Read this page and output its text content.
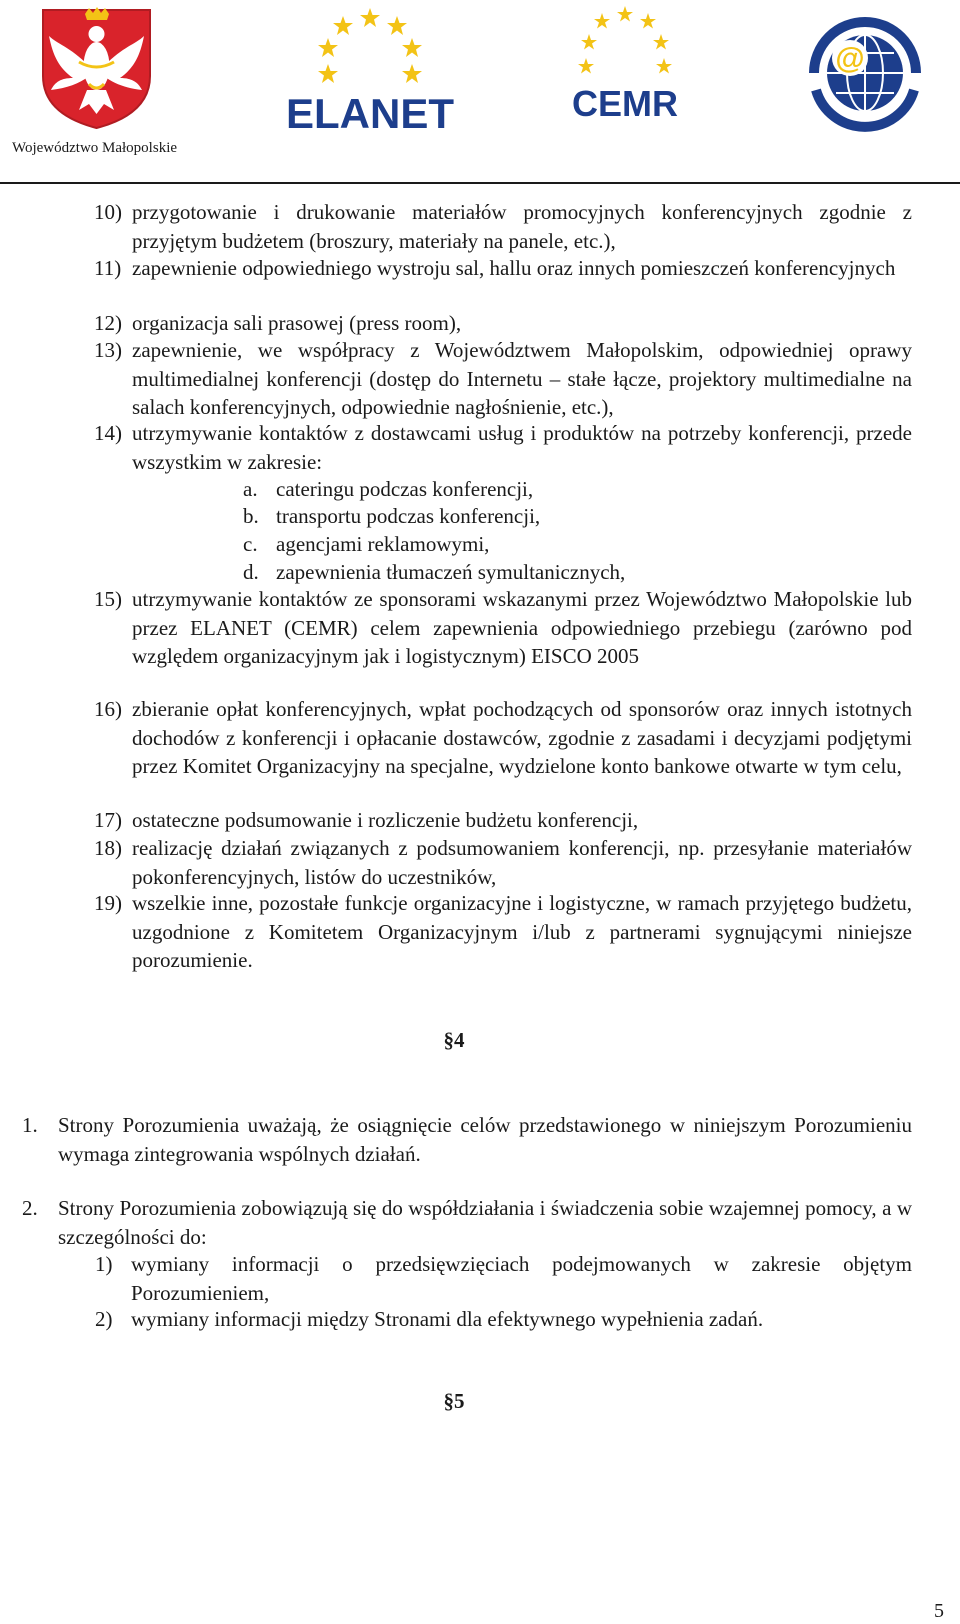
Województwo Małopolskie
ELANET	CEMR
@
10) przygotowanie i drukowanie materiałów promocyjnych konferencyjnych zgodnie z przyjętym budżetem (broszury, materiały na panele, etc.),
11) zapewnienie odpowiedniego wystroju sal, hallu oraz innych pomieszczeń konferencyjnych
12) organizacja sali prasowej (press room),
13) zapewnienie, we współpracy z Województwem Małopolskim, odpowiedniej oprawy multimedialnej konferencji (dostęp do Internetu – stałe łącze, projektory multimedialne na salach konferencyjnych, odpowiednie nagłośnienie, etc.),
14) utrzymywanie kontaktów z dostawcami usług i produktów na potrzeby konferencji, przede wszystkim w zakresie:
a. cateringu podczas konferencji,
b. transportu podczas konferencji,
c. agencjami reklamowymi,
d. zapewnienia tłumaczeń symultanicznych,
15) utrzymywanie kontaktów ze sponsorami wskazanymi przez Województwo Małopolskie lub przez ELANET (CEMR) celem zapewnienia odpowiedniego przebiegu (zarówno pod względem organizacyjnym jak i logistycznym) EISCO 2005
16) zbieranie opłat konferencyjnych, wpłat pochodzących od sponsorów oraz innych istotnych dochodów z konferencji i opłacanie dostawców, zgodnie z zasadami i decyzjami podjętymi przez Komitet Organizacyjny na specjalne, wydzielone konto bankowe otwarte w tym celu,
17) ostateczne podsumowanie i rozliczenie budżetu konferencji,
18) realizację działań związanych z podsumowaniem konferencji, np. przesyłanie materiałów pokonferencyjnych, listów do uczestników,
19) wszelkie inne, pozostałe funkcje organizacyjne i logistyczne, w ramach przyjętego budżetu, uzgodnione z Komitetem Organizacyjnym i/lub z partnerami sygnującymi niniejsze porozumienie.
§4
1. Strony Porozumienia uważają, że osiągnięcie celów przedstawionego w niniejszym Porozumieniu wymaga zintegrowania wspólnych działań.
2. Strony Porozumienia zobowiązują się do współdziałania i świadczenia sobie wzajemnej pomocy, a w szczególności do:
1) wymiany informacji o przedsięwzięciach podejmowanych w zakresie objętym Porozumieniem,
2) wymiany informacji między Stronami dla efektywnego wypełnienia zadań.
§5
5
